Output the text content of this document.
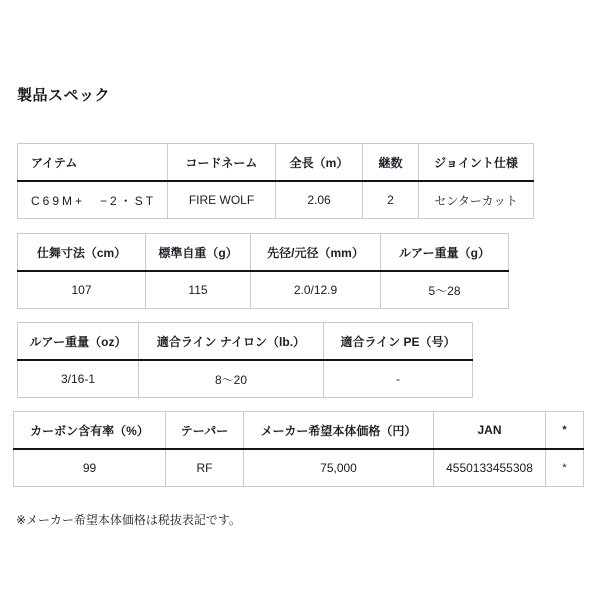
製品スペック
アイテム	コードネーム	全長（m）	継数	ジョイント仕様
C69M+　−2・ST	FIRE WOLF	2.06	2	センターカット
仕舞寸法（cm）	標準自重（g）	先径/元径（mm）	ルアー重量（g）
107	115	2.0/12.9	5～28
ルアー重量（oz）	適合ライン ナイロン（lb.）	適合ライン PE（号）
3/16-1	8～20	-
カーボン含有率（%）	テーパー	メーカー希望本体価格（円）	JAN	*
99	RF	75,000	4550133455308	*
※メーカー希望本体価格は税抜表記です。
